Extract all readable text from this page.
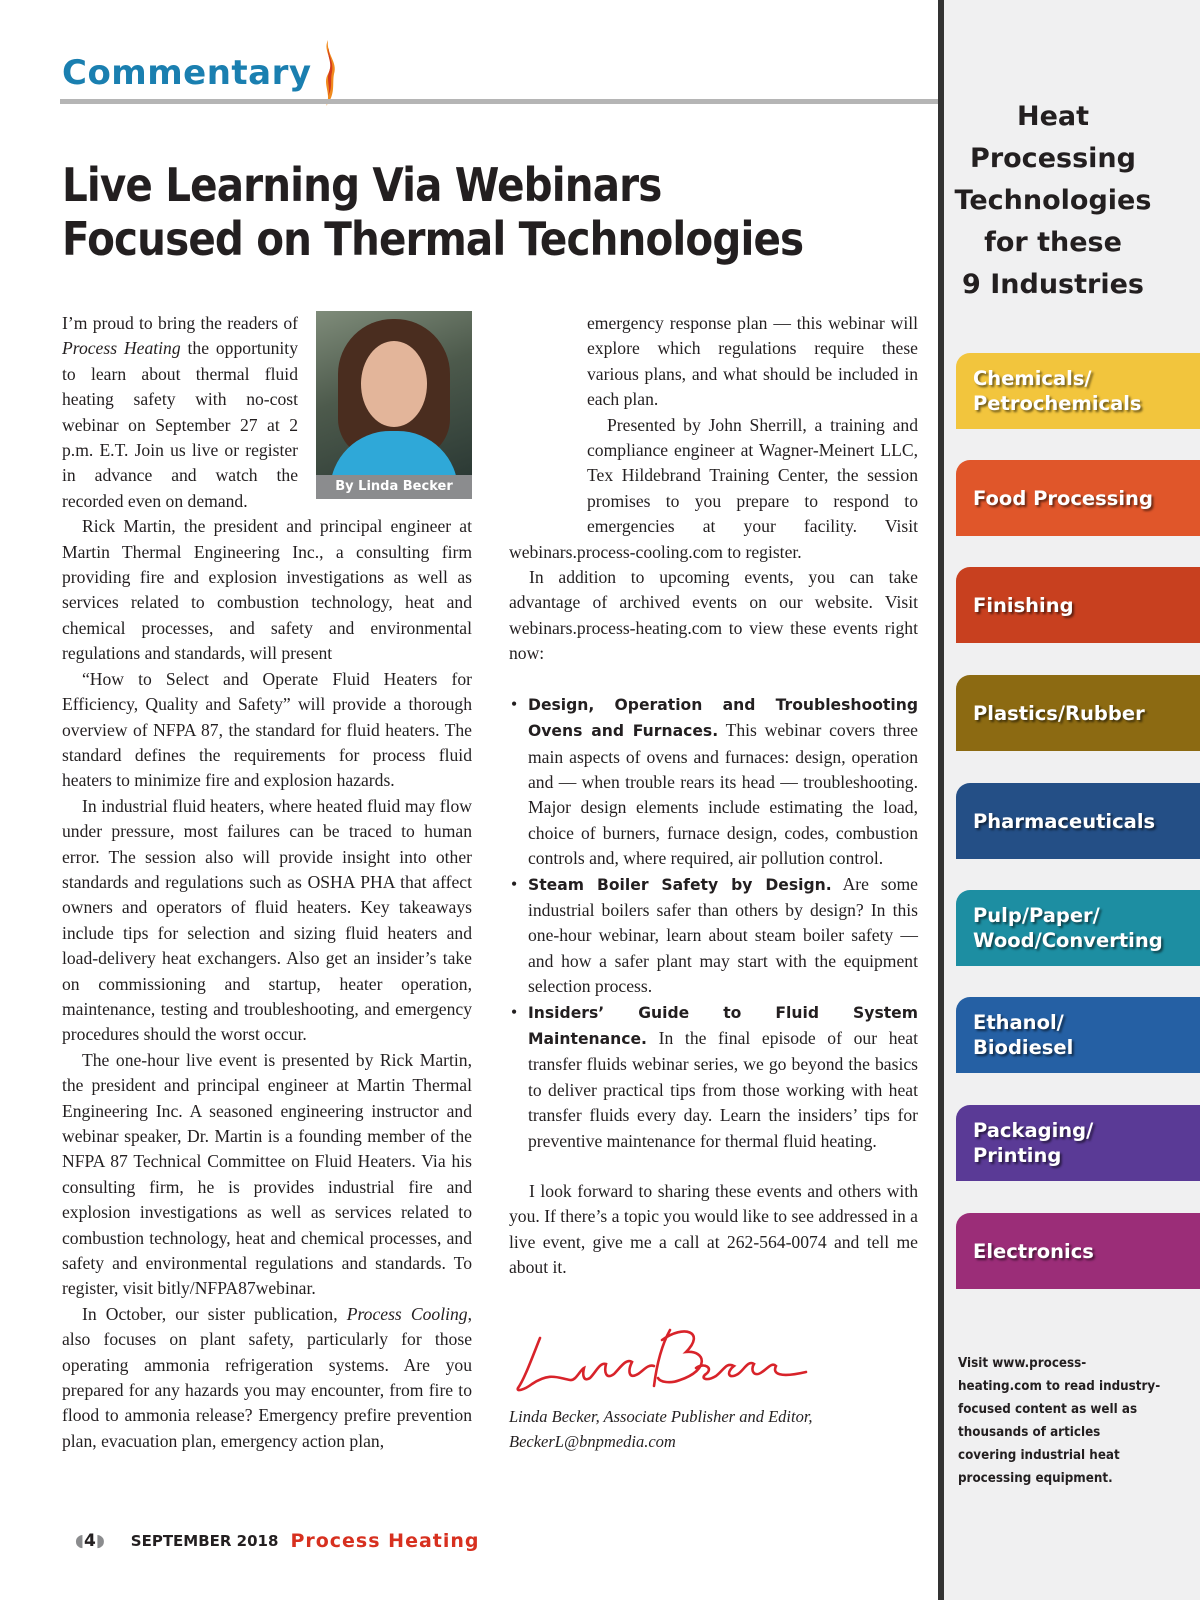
Commentary
Live Learning Via Webinars Focused on Thermal Technologies
By Linda Becker

I’m proud to bring the readers of Process Heating the opportunity to learn about thermal fluid heating safety with no-cost webinar on September 27 at 2 p.m. E.T. Join us live or register in advance and watch the recorded even on demand.

Rick Martin, the president and principal engineer at Martin Thermal Engineering Inc., a consulting firm providing fire and explosion investigations as well as services related to combustion technology, heat and chemical processes, and safety and environmental regulations and standards, will present

“How to Select and Operate Fluid Heaters for Efficiency, Quality and Safety” will provide a thorough overview of NFPA 87, the standard for fluid heaters. The standard defines the requirements for process fluid heaters to minimize fire and explosion hazards.

In industrial fluid heaters, where heated fluid may flow under pressure, most failures can be traced to human error. The session also will provide insight into other standards and regulations such as OSHA PHA that affect owners and operators of fluid heaters. Key takeaways include tips for selection and sizing fluid heaters and load-delivery heat exchangers. Also get an insider’s take on commissioning and startup, heater operation, maintenance, testing and troubleshooting, and emergency procedures should the worst occur.

The one-hour live event is presented by Rick Martin, the president and principal engineer at Martin Thermal Engineering Inc. A seasoned engineering instructor and webinar speaker, Dr. Martin is a founding member of the NFPA 87 Technical Committee on Fluid Heaters. Via his consulting firm, he is provides industrial fire and explosion investigations as well as services related to combustion technology, heat and chemical processes, and safety and environmental regulations and standards. To register, visit bitly/NFPA87webinar.

In October, our sister publication, Process Cooling, also focuses on plant safety, particularly for those operating ammonia refrigeration systems. Are you prepared for any hazards you may encounter, from fire to flood to ammonia release? Emergency prefire prevention plan, evacuation plan, emergency action plan,

emergency response plan — this webinar will explore which regulations require these various plans, and what should be included in each plan.

Presented by John Sherrill, a training and compliance engineer at Wagner-Meinert LLC, Tex Hildebrand Training Center, the session promises to you prepare to respond to emergencies at your facility. Visit webinars.process-cooling.com to register.

In addition to upcoming events, you can take advantage of archived events on our website. Visit webinars.process-heating.com to view these events right now:

• Design, Operation and Troubleshooting Ovens and Furnaces. This webinar covers three main aspects of ovens and furnaces: design, operation and — when trouble rears its head — troubleshooting. Major design elements include estimating the load, choice of burners, furnace design, codes, combustion controls and, where required, air pollution control.
• Steam Boiler Safety by Design. Are some industrial boilers safer than others by design? In this one-hour webinar, learn about steam boiler safety — and how a safer plant may start with the equipment selection process.
• Insiders’ Guide to Fluid System Maintenance. In the final episode of our heat transfer fluids webinar series, we go beyond the basics to deliver practical tips from those working with heat transfer fluids every day. Learn the insiders’ tips for preventive maintenance for thermal fluid heating.

I look forward to sharing these events and others with you. If there’s a topic you would like to see addressed in a live event, give me a call at 262-564-0074 and tell me about it.

Linda Becker, Associate Publisher and Editor,
BeckerL@bnpmedia.com
◖4◗ SEPTEMBER 2018 Process Heating
Heat
Processing
Technologies
for these
9 Industries
Chemicals/
Petrochemicals
Food Processing
Finishing
Plastics/Rubber
Pharmaceuticals
Pulp/Paper/
Wood/Converting
Ethanol/
Biodiesel
Packaging/
Printing
Electronics
Visit www.process-heating.com to read industry-focused content as well as thousands of articles covering industrial heat processing equipment.
